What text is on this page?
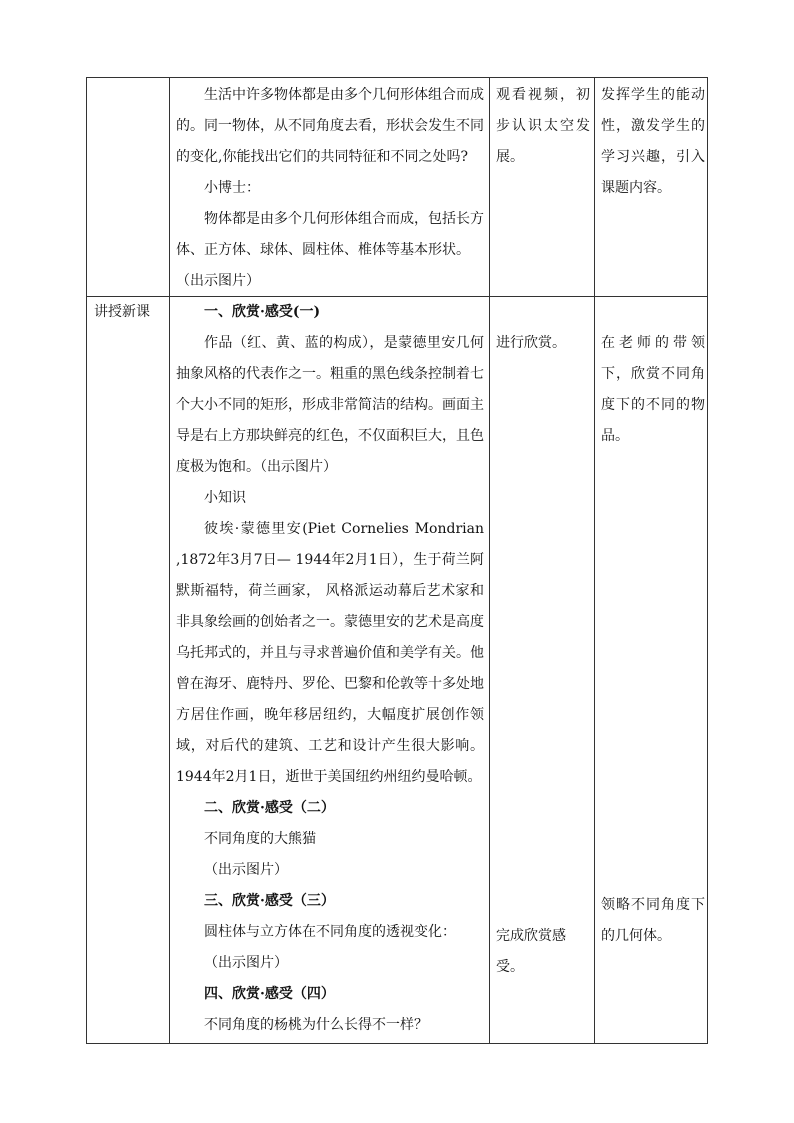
生活中许多物体都是由多个几何形体组合而成的。同一物体，从不同角度去看，形状会发生不同的变化,你能找出它们的共同特征和不同之处吗?

小博士：

物体都是由多个几何形体组合而成，包括长方体、正方体、球体、圆柱体、椎体等基本形状。

（出示图片）

观看视频，初步认识太空发展。
发挥学生的能动性，激发学生的学习兴趣，引入课题内容。
讲授新课	一、欣赏·感受(一)

作品（红、黄、蓝的构成），是蒙德里安几何抽象风格的代表作之一。粗重的黑色线条控制着七个大小不同的矩形，形成非常简洁的结构。画面主导是右上方那块鲜亮的红色，不仅面积巨大，且色度极为饱和。（出示图片）

小知识

彼埃·蒙德里安(Piet Cornelies Mondrian ,1872年3月7日— 1944年2月1日），生于荷兰阿默斯福特，荷兰画家， 风格派运动幕后艺术家和非具象绘画的创始者之一。蒙德里安的艺术是高度乌托邦式的，并且与寻求普遍价值和美学有关。他曾在海牙、鹿特丹、罗伦、巴黎和伦敦等十多处地方居住作画，晚年移居纽约，大幅度扩展创作领域，对后代的建筑、工艺和设计产生很大影响。1944年2月1日，逝世于美国纽约州纽约曼哈顿。

二、欣赏·感受（二）

不同角度的大熊猫

（出示图片）

三、欣赏·感受（三）

圆柱体与立方体在不同角度的透视变化：

（出示图片）

四、欣赏·感受（四）

不同角度的杨桃为什么长得不一样？

进行欣赏。
完成欣赏感受。
在老师的带领下，欣赏不同角度下的不同的物品。
领略不同角度下的几何体。
